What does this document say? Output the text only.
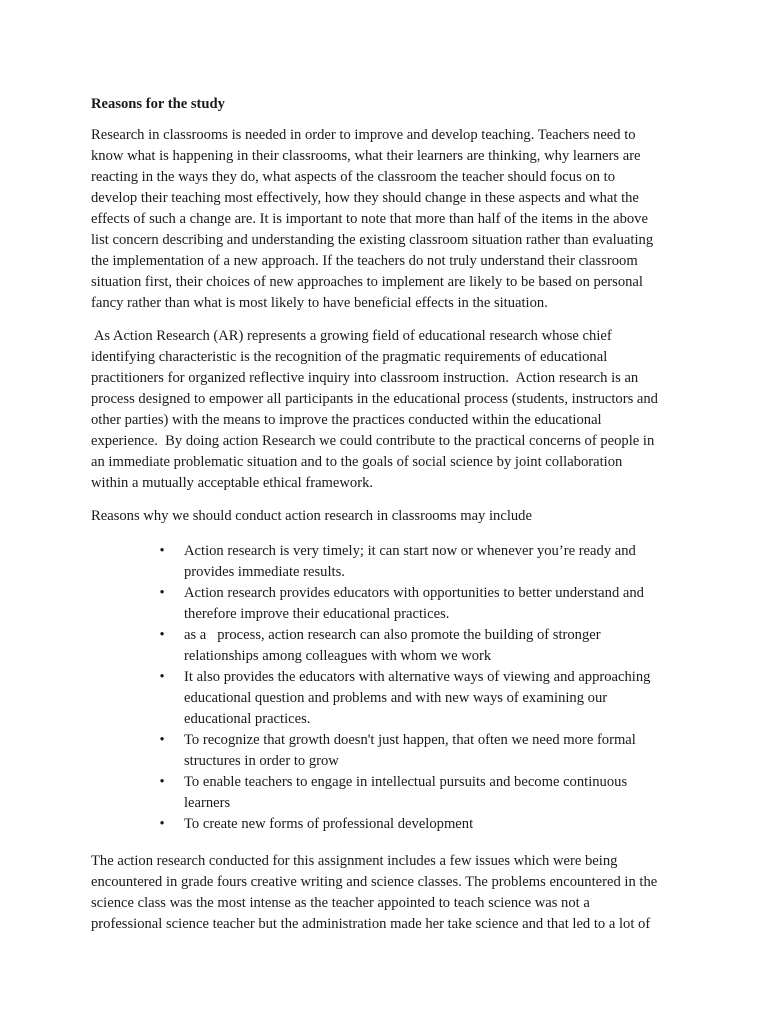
Reasons for the study
Research in classrooms is needed in order to improve and develop teaching. Teachers need to
know what is happening in their classrooms, what their learners are thinking, why learners are
reacting in the ways they do, what aspects of the classroom the teacher should focus on to
develop their teaching most effectively, how they should change in these aspects and what the
effects of such a change are. It is important to note that more than half of the items in the above
list concern describing and understanding the existing classroom situation rather than evaluating
the implementation of a new approach. If the teachers do not truly understand their classroom
situation first, their choices of new approaches to implement are likely to be based on personal
fancy rather than what is most likely to have beneficial effects in the situation.
As Action Research (AR) represents a growing field of educational research whose chief
identifying characteristic is the recognition of the pragmatic requirements of educational
practitioners for organized reflective inquiry into classroom instruction.  Action research is an
process designed to empower all participants in the educational process (students, instructors and
other parties) with the means to improve the practices conducted within the educational
experience.  By doing action Research we could contribute to the practical concerns of people in
an immediate problematic situation and to the goals of social science by joint collaboration
within a mutually acceptable ethical framework.
Reasons why we should conduct action research in classrooms may include
• Action research is very timely; it can start now or whenever you’re ready and
provides immediate results.
• Action research provides educators with opportunities to better understand and
therefore improve their educational practices.
• as a   process, action research can also promote the building of stronger
relationships among colleagues with whom we work
• It also provides the educators with alternative ways of viewing and approaching
educational question and problems and with new ways of examining our
educational practices.
• To recognize that growth doesn't just happen, that often we need more formal
structures in order to grow
• To enable teachers to engage in intellectual pursuits and become continuous
learners
• To create new forms of professional development
The action research conducted for this assignment includes a few issues which were being
encountered in grade fours creative writing and science classes. The problems encountered in the
science class was the most intense as the teacher appointed to teach science was not a
professional science teacher but the administration made her take science and that led to a lot of
